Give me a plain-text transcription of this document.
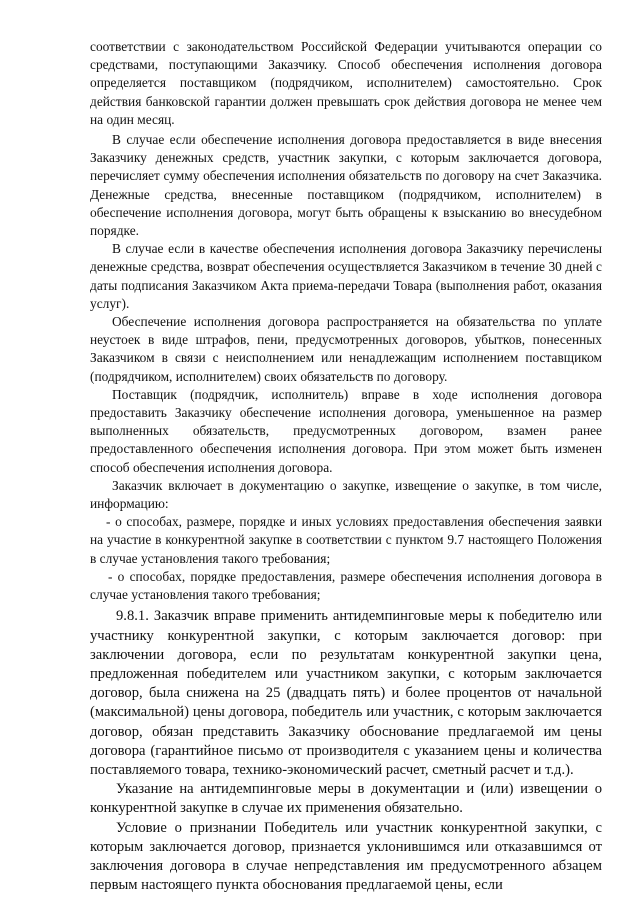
соответствии с законодательством Российской Федерации учитываются операции со средствами, поступающими Заказчику. Способ обеспечения исполнения договора определяется поставщиком (подрядчиком, исполнителем) самостоятельно. Срок действия банковской гарантии должен превышать срок действия договора не менее чем на один месяц.

В случае если обеспечение исполнения договора предоставляется в виде внесения Заказчику денежных средств, участник закупки, с которым заключается договора, перечисляет сумму обеспечения исполнения обязательств по договору на счет Заказчика. Денежные средства, внесенные поставщиком (подрядчиком, исполнителем) в обеспечение исполнения договора, могут быть обращены к взысканию во внесудебном порядке.

В случае если в качестве обеспечения исполнения договора Заказчику перечислены денежные средства, возврат обеспечения осуществляется Заказчиком в течение 30 дней с даты подписания Заказчиком Акта приема-передачи Товара (выполнения работ, оказания услуг).

Обеспечение исполнения договора распространяется на обязательства по уплате неустоек в виде штрафов, пени, предусмотренных договоров, убытков, понесенных Заказчиком в связи с неисполнением или ненадлежащим исполнением поставщиком (подрядчиком, исполнителем) своих обязательств по договору.

Поставщик (подрядчик, исполнитель) вправе в ходе исполнения договора предоставить Заказчику обеспечение исполнения договора, уменьшенное на размер выполненных обязательств, предусмотренных договором, взамен ранее предоставленного обеспечения исполнения договора. При этом может быть изменен способ обеспечения исполнения договора.

Заказчик включает в документацию о закупке, извещение о закупке, в том числе, информацию:

- о способах, размере, порядке и иных условиях предоставления обеспечения заявки на участие в конкурентной закупке в соответствии с пунктом 9.7 настоящего Положения в случае установления такого требования;

- о способах, порядке предоставления, размере обеспечения исполнения договора в случае установления такого требования;

9.8.1. Заказчик вправе применить антидемпинговые меры к победителю или участнику конкурентной закупки, с которым заключается договор: при заключении договора, если по результатам конкурентной закупки цена, предложенная победителем или участником закупки, с которым заключается договор, была снижена на 25 (двадцать пять) и более процентов от начальной (максимальной) цены договора, победитель или участник, с которым заключается договор, обязан представить Заказчику обоснование предлагаемой им цены договора (гарантийное письмо от производителя с указанием цены и количества поставляемого товара, технико-экономический расчет, сметный расчет и т.д.).

Указание на антидемпинговые меры в документации и (или) извещении о конкурентной закупке в случае их применения обязательно.

Условие о признании Победитель или участник конкурентной закупки, с которым заключается договор, признается уклонившимся или отказавшимся от заключения договора в случае непредставления им предусмотренного абзацем первым настоящего пункта обоснования предлагаемой цены, если
